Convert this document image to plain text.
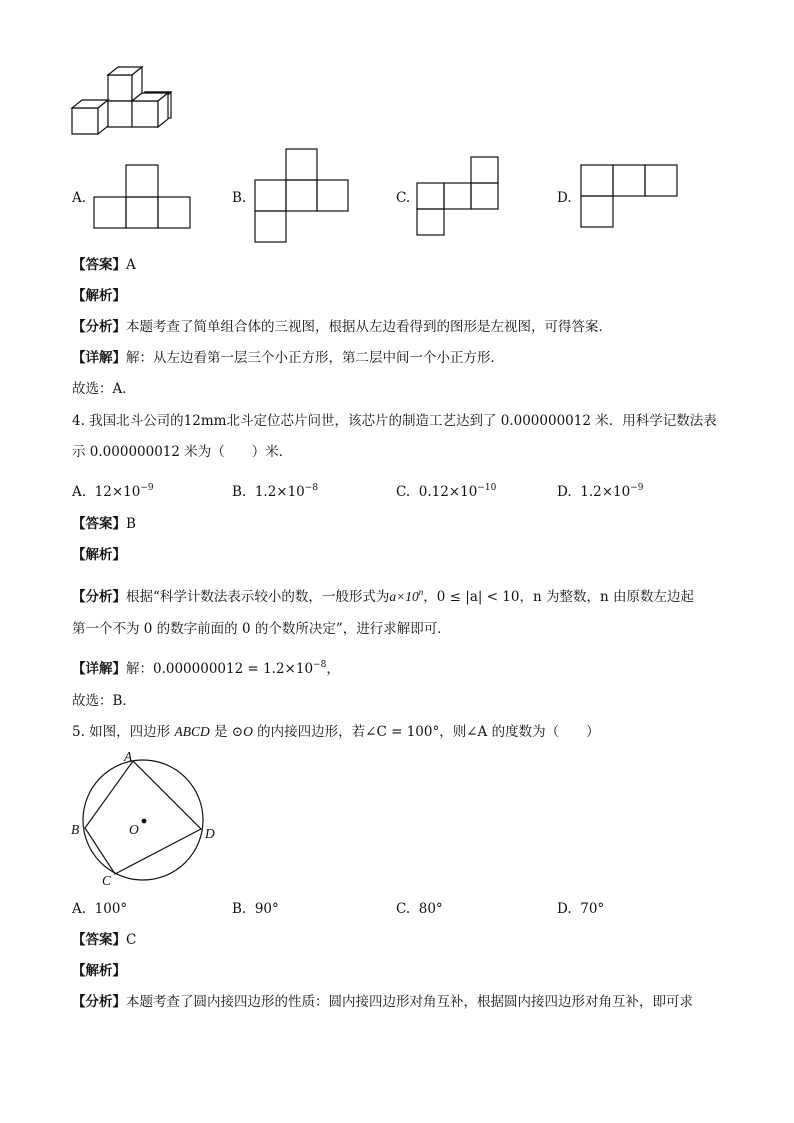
A.	B.	C.	D.
【答案】A
【解析】
【分析】本题考查了简单组合体的三视图，根据从左边看得到的图形是左视图，可得答案．
【详解】解：从左边看第一层三个小正方形，第二层中间一个小正方形．
故选：A．
4. 我国北斗公司的12mm北斗定位芯片问世，该芯片的制造工艺达到了 0.000000012 米．用科学记数法表
示 0.000000012 米为（　　）米．
A. $12\times 10^{-9}$	B. $1.2\times 10^{-8}$	C. $0.12\times 10^{-10}$	D. $1.2\times 10^{-9}$
【答案】B
【解析】
【分析】根据“科学计数法表示较小的数，一般形式为$a\times 10^n$，0 ≤ |a| < 10，n 为整数，n 由原数左边起
第一个不为 0 的数字前面的 0 的个数所决定”，进行求解即可．
【详解】解：$0.000000012 = 1.2\times 10^{-8}$，
故选：B．
5. 如图，四边形 ABCD 是 ⊙O 的内接四边形，若∠C = 100°，则∠A 的度数为（　　）
A
B
C
D
O
A. 100°	B. 90°	C. 80°	D. 70°
【答案】C
【解析】
【分析】本题考查了圆内接四边形的性质：圆内接四边形对角互补，根据圆内接四边形对角互补，即可求
